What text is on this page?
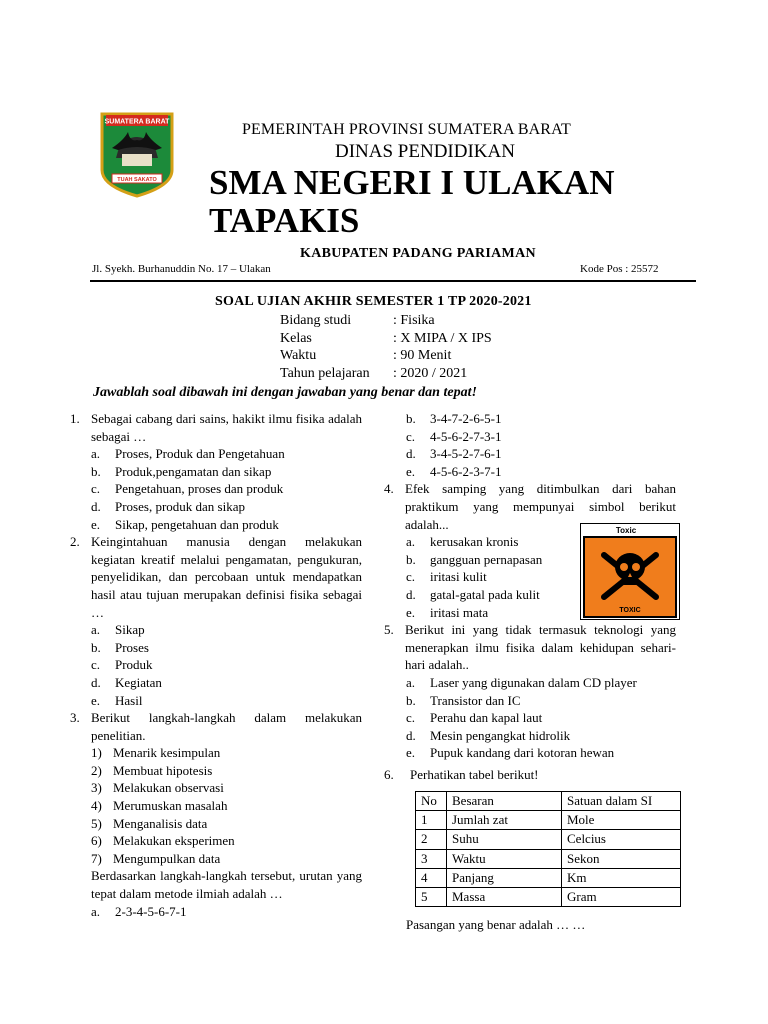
SUMATERA BARAT
TUAH SAKATO
PEMERINTAH PROVINSI SUMATERA BARAT
DINAS PENDIDIKAN
SMA NEGERI I ULAKAN TAPAKIS
KABUPATEN PADANG PARIAMAN
Jl. Syekh. Burhanuddin No. 17 – Ulakan	Kode Pos : 25572
SOAL UJIAN AKHIR SEMESTER 1 TP 2020-2021
Bidang studi	: Fisika
Kelas	: X MIPA / X IPS
Waktu	: 90 Menit
Tahun pelajaran	: 2020 / 2021
Jawablah soal dibawah ini dengan jawaban yang benar dan tepat!
1. Sebagai cabang dari sains, hakikt ilmu fisika adalah sebagai …
a.	Proses, Produk dan Pengetahuan
b.	Produk,pengamatan dan sikap
c.	Pengetahuan, proses dan produk
d.	Proses, produk dan sikap
e.	Sikap, pengetahuan dan produk
2. Keingintahuan manusia dengan melakukan kegiatan kreatif melalui pengamatan, pengukuran, penyelidikan, dan percobaan untuk mendapatkan hasil atau tujuan merupakan definisi fisika sebagai …
a.	Sikap
b.	Proses
c.	Produk
d.	Kegiatan
e.	Hasil
3. Berikut langkah-langkah dalam melakukan penelitian.
1) Menarik kesimpulan
2) Membuat hipotesis
3) Melakukan observasi
4) Merumuskan masalah
5) Menganalisis data
6) Melakukan eksperimen
7) Mengumpulkan data
Berdasarkan langkah-langkah tersebut, urutan yang tepat dalam metode ilmiah adalah …
a.	2-3-4-5-6-7-1
b.	3-4-7-2-6-5-1
c.	4-5-6-2-7-3-1
d.	3-4-5-2-7-6-1
e.	4-5-6-2-3-7-1
4. Efek samping yang ditimbulkan dari bahan praktikum yang mempunyai simbol berikut adalah...
a.	kerusakan kronis
b.	gangguan pernapasan
c.	iritasi kulit
d.	gatal-gatal pada kulit
e.	iritasi mata
5. Berikut ini yang tidak termasuk teknologi yang menerapkan ilmu fisika dalam kehidupan sehari-hari adalah..
a.	Laser yang digunakan dalam CD player
b.	Transistor dan IC
c.	Perahu dan kapal laut
d.	Mesin pengangkat hidrolik
e.	Pupuk kandang dari kotoran hewan
6.	Perhatikan tabel berikut!
Toxic
TOXIC
No	Besaran	Satuan dalam SI
1	Jumlah zat	Mole
2	Suhu	Celcius
3	Waktu	Sekon
4	Panjang	Km
5	Massa	Gram
Pasangan yang benar adalah … …
